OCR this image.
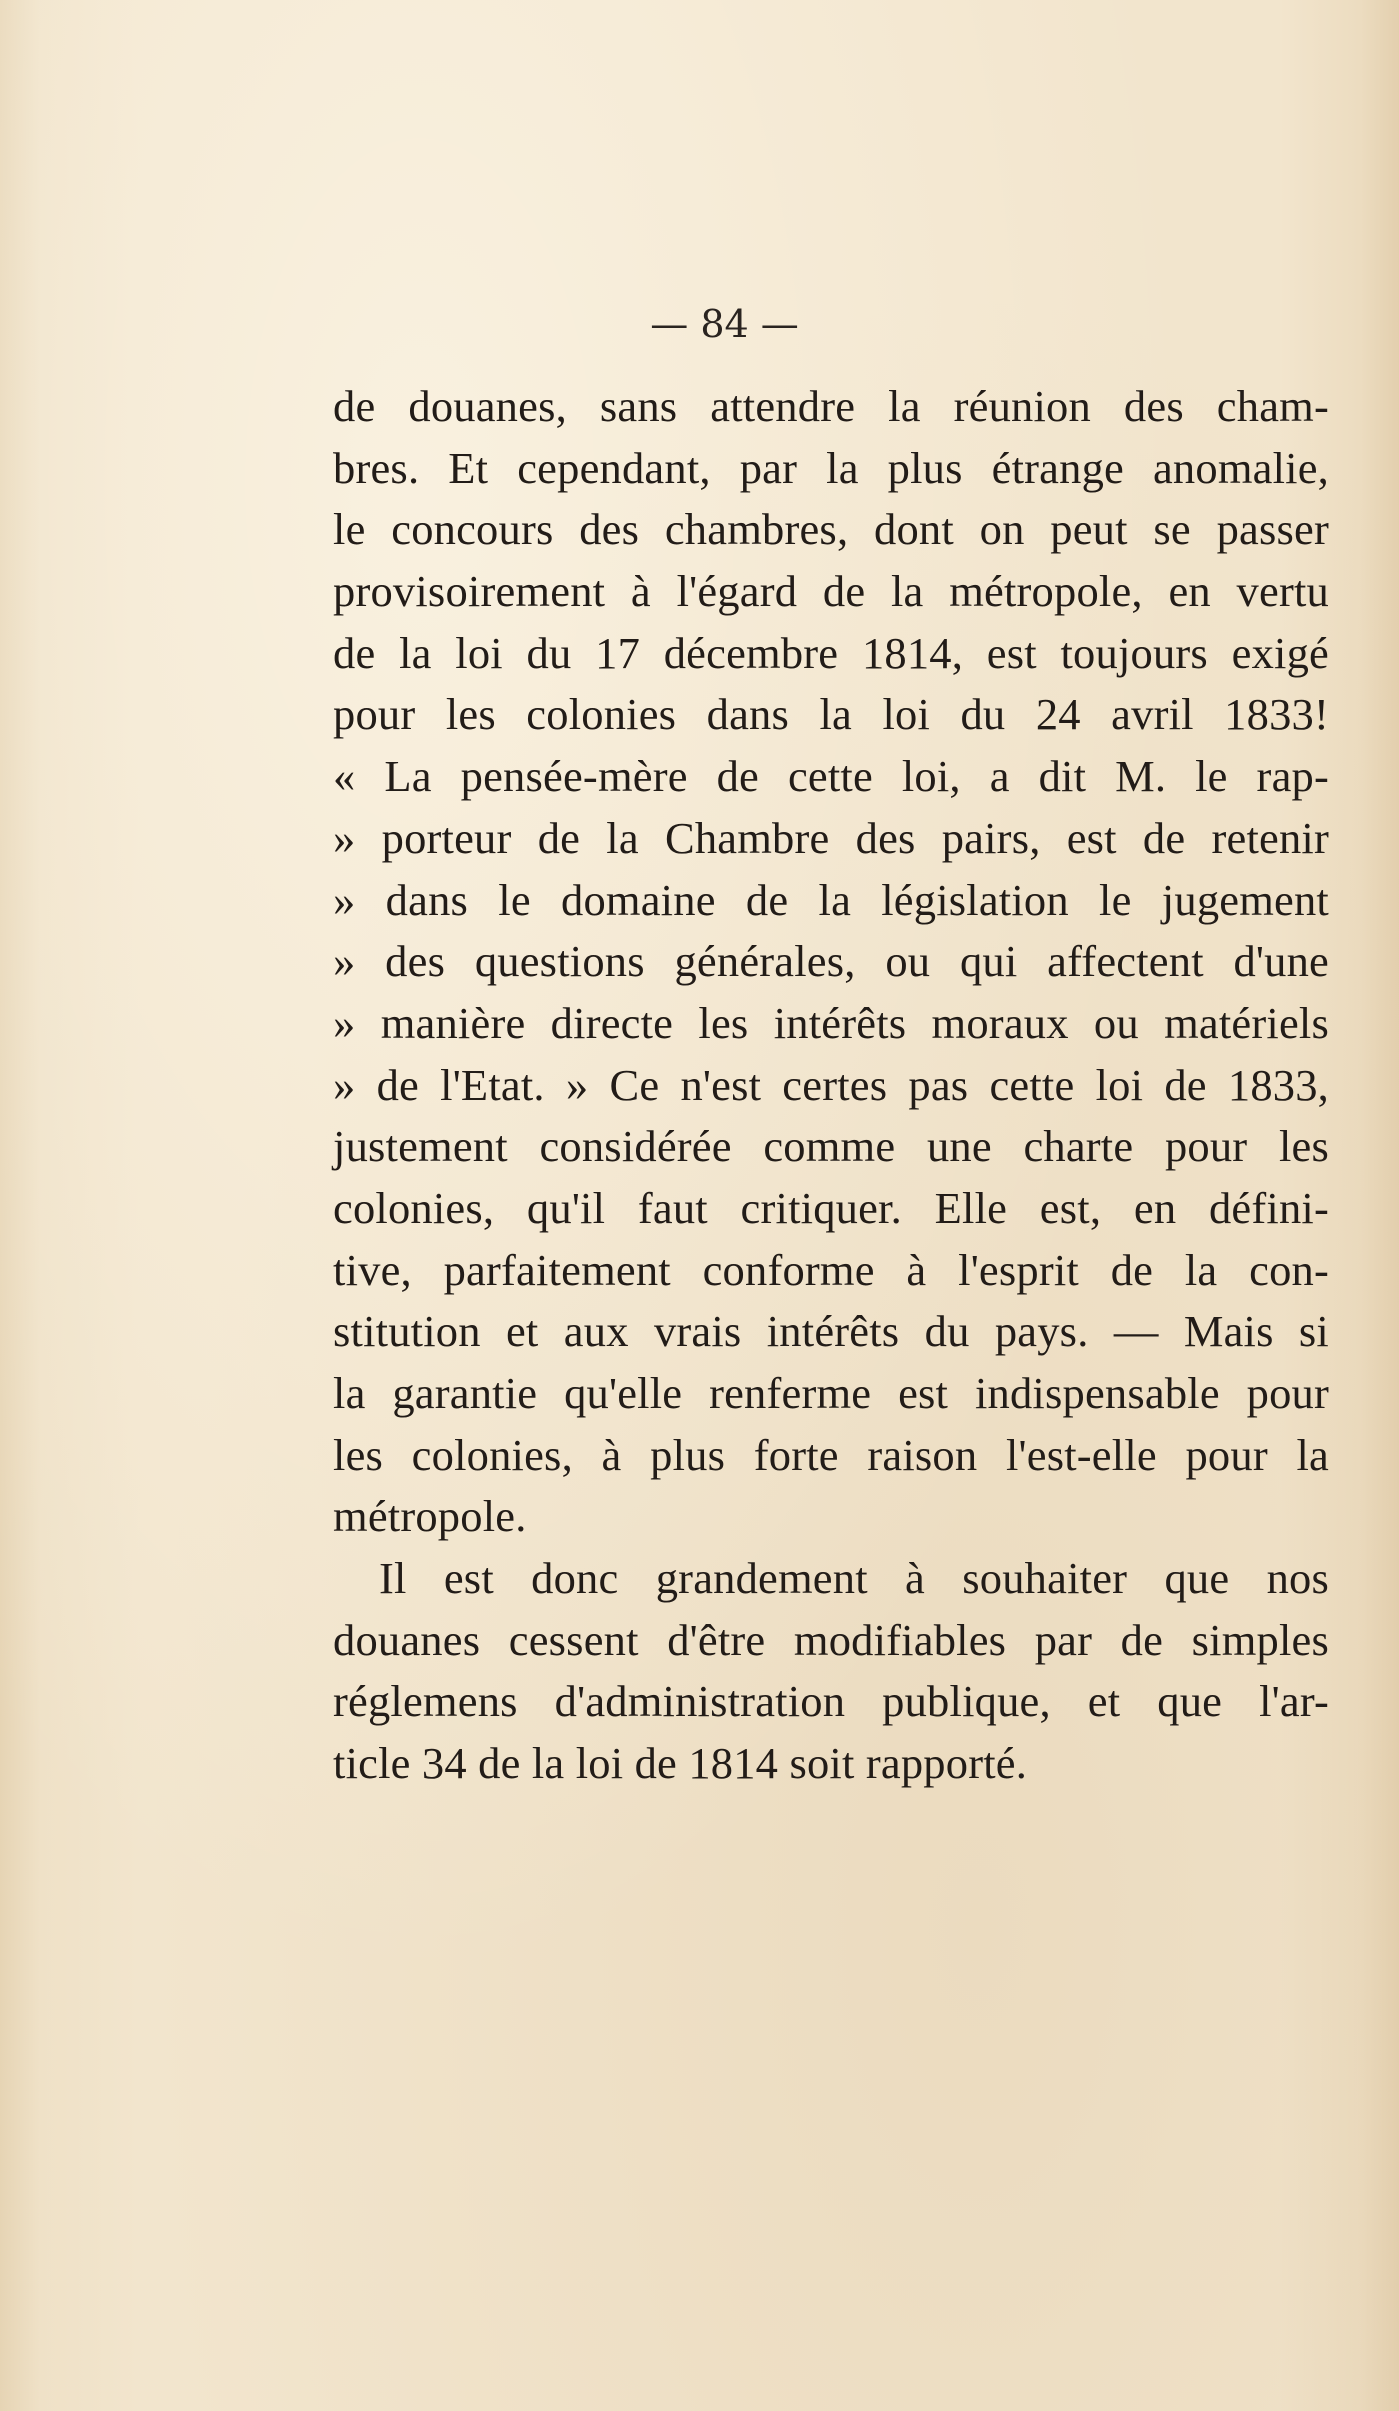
— 84 —
de douanes, sans attendre la réunion des cham-
bres. Et cependant, par la plus étrange anomalie,
le concours des chambres, dont on peut se passer
provisoirement à l'égard de la métropole, en vertu
de la loi du 17 décembre 1814, est toujours exigé
pour les colonies dans la loi du 24 avril 1833!
« La pensée-mère de cette loi, a dit M. le rap-
» porteur de la Chambre des pairs, est de retenir
» dans le domaine de la législation le jugement
» des questions générales, ou qui affectent d'une
» manière directe les intérêts moraux ou matériels
» de l'Etat. » Ce n'est certes pas cette loi de 1833,
justement considérée comme une charte pour les
colonies, qu'il faut critiquer. Elle est, en défini-
tive, parfaitement conforme à l'esprit de la con-
stitution et aux vrais intérêts du pays. — Mais si
la garantie qu'elle renferme est indispensable pour
les colonies, à plus forte raison l'est-elle pour la
métropole.
Il est donc grandement à souhaiter que nos
douanes cessent d'être modifiables par de simples
réglemens d'administration publique, et que l'ar-
ticle 34 de la loi de 1814 soit rapporté.
